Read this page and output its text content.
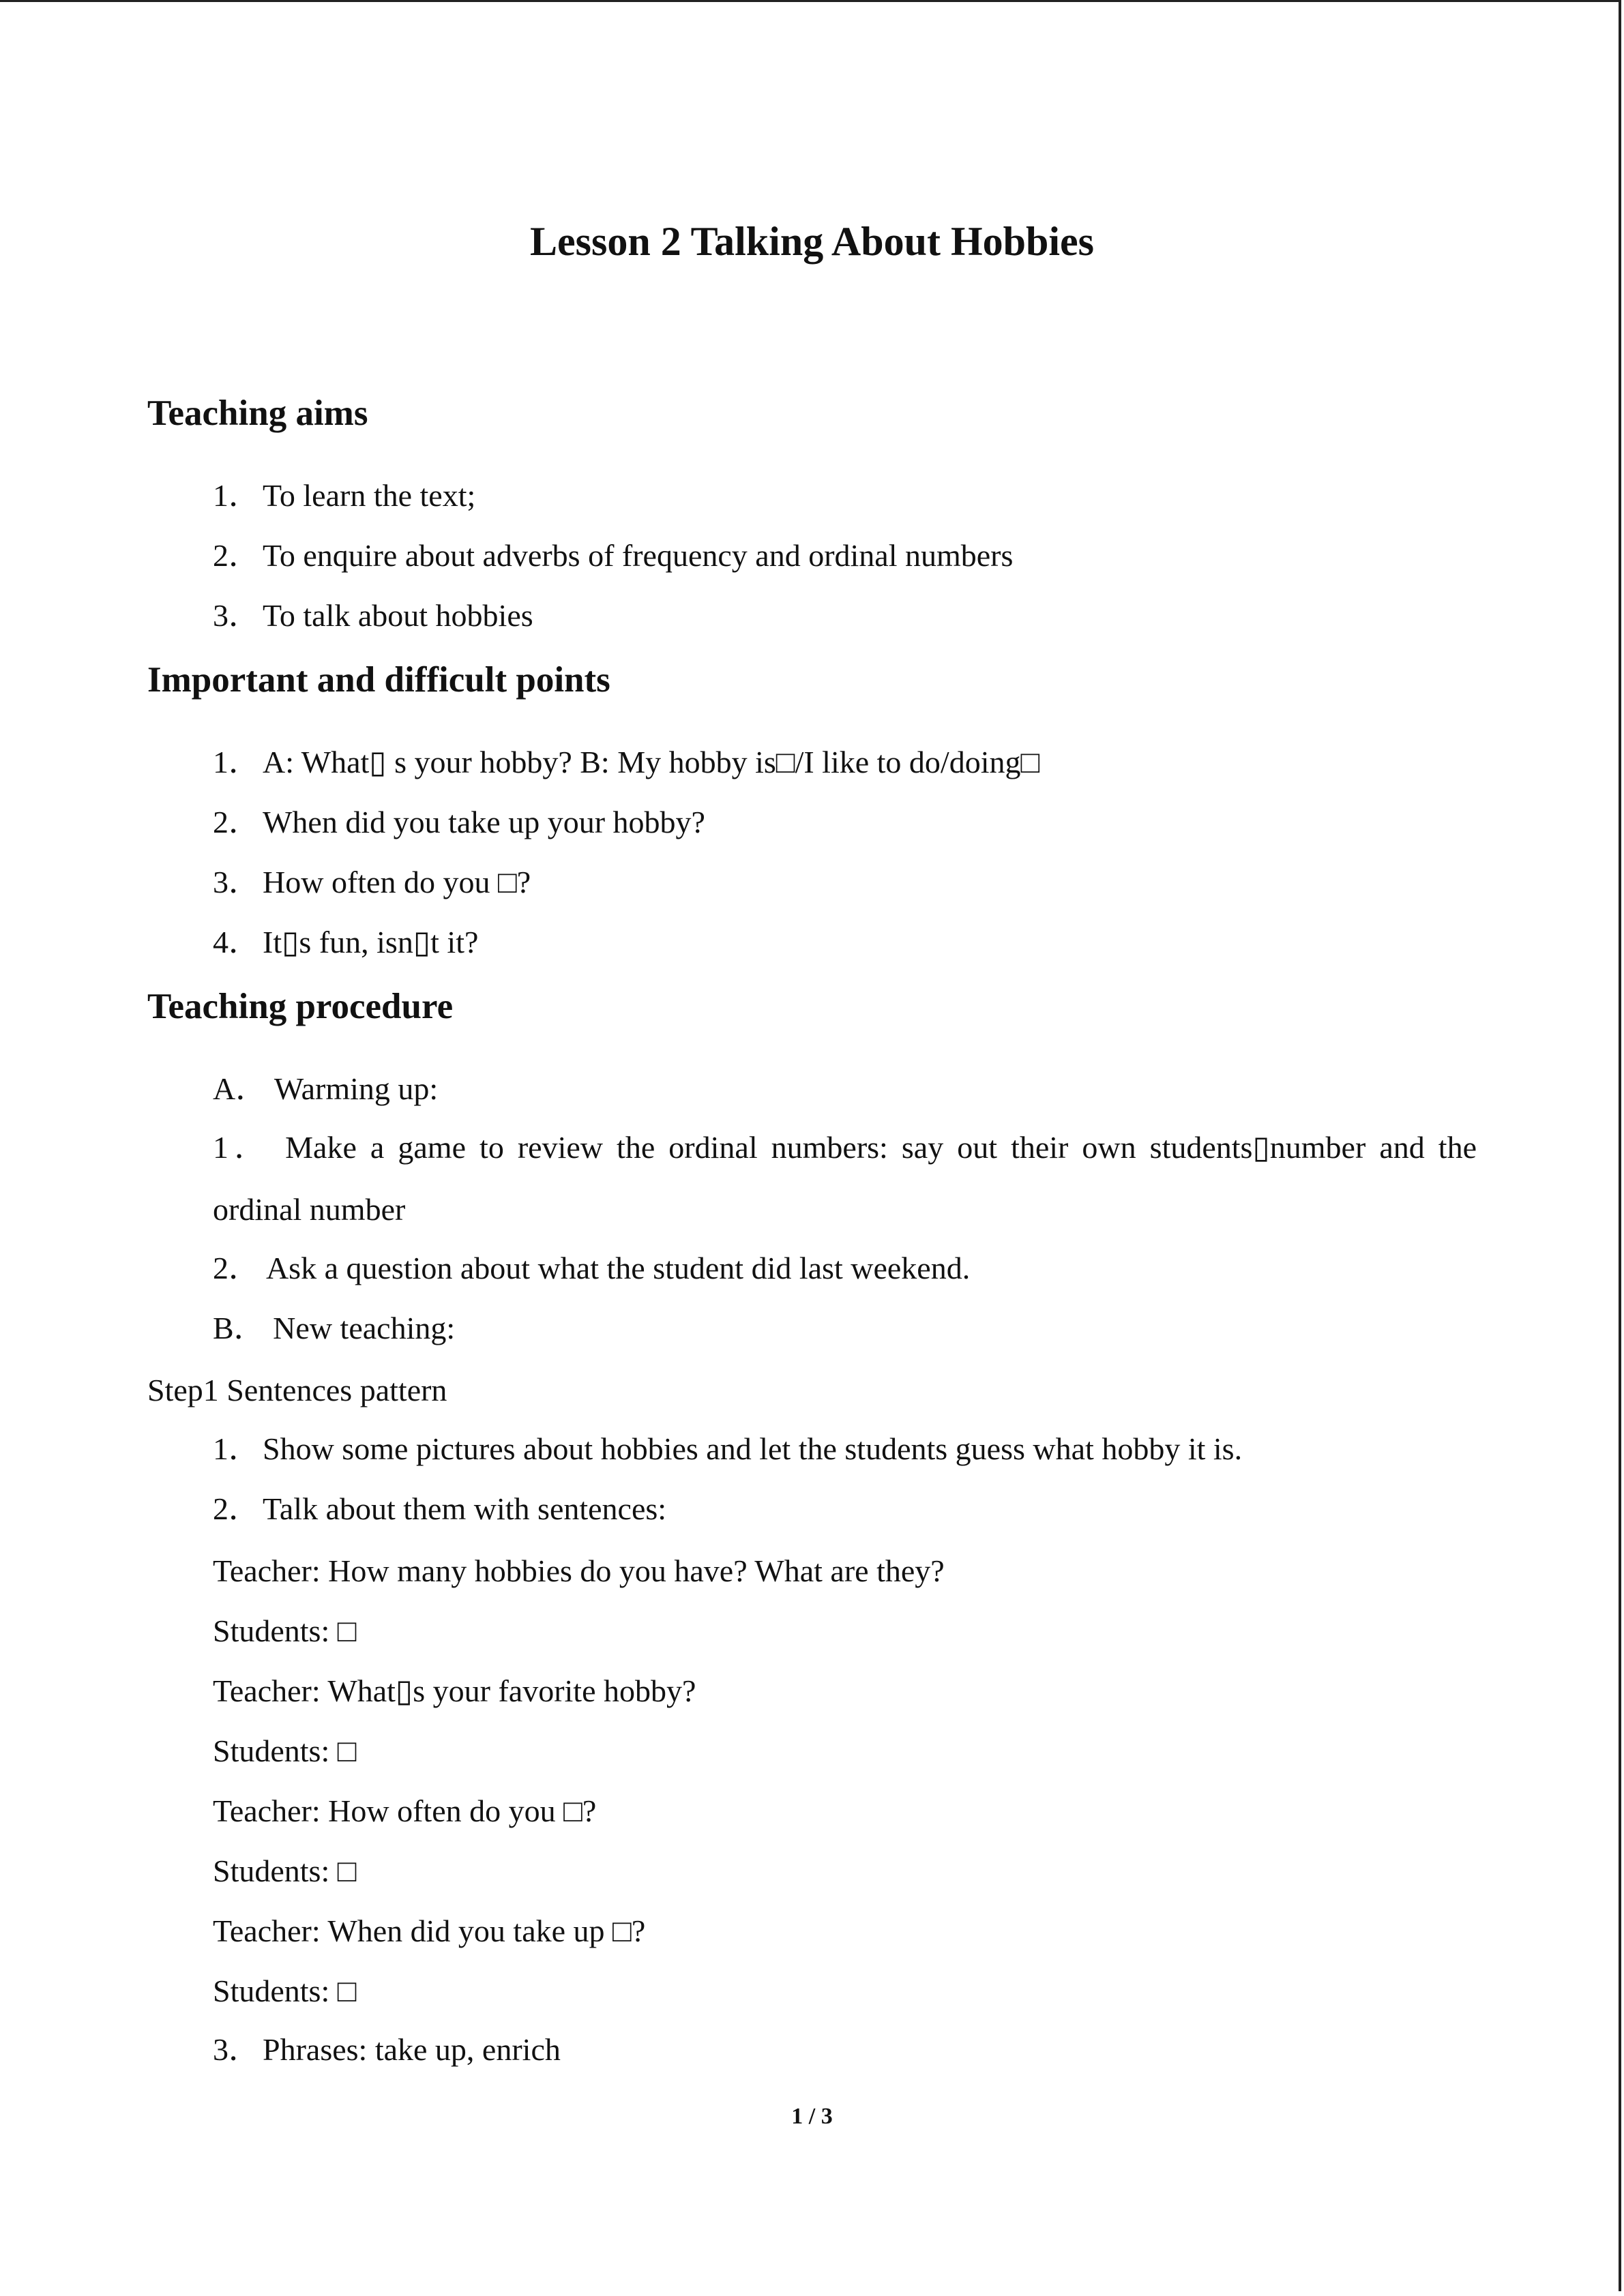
Lesson 2 Talking About Hobbies
Teaching aims
1．To learn the text;
2．To enquire about adverbs of frequency and ordinal numbers
3．To talk about hobbies
Important and difficult points
1．A: What▯ s your hobby? B: My hobby is□/I like to do/doing□
2．When did you take up your hobby?
3．How often do you □?
4．It▯s fun, isn▯t it?
Teaching procedure
A． Warming up:
1． Make a game to review the ordinal numbers: say out their own students▯number and the
ordinal number
2． Ask a question about what the student did last weekend.
B． New teaching:
Step1 Sentences pattern
1．Show some pictures about hobbies and let the students guess what hobby it is.
2．Talk about them with sentences:
Teacher: How many hobbies do you have? What are they?
Students: □
Teacher: What▯s your favorite hobby?
Students: □
Teacher: How often do you □?
Students: □
Teacher: When did you take up □?
Students: □
3．Phrases: take up, enrich
1 / 3
